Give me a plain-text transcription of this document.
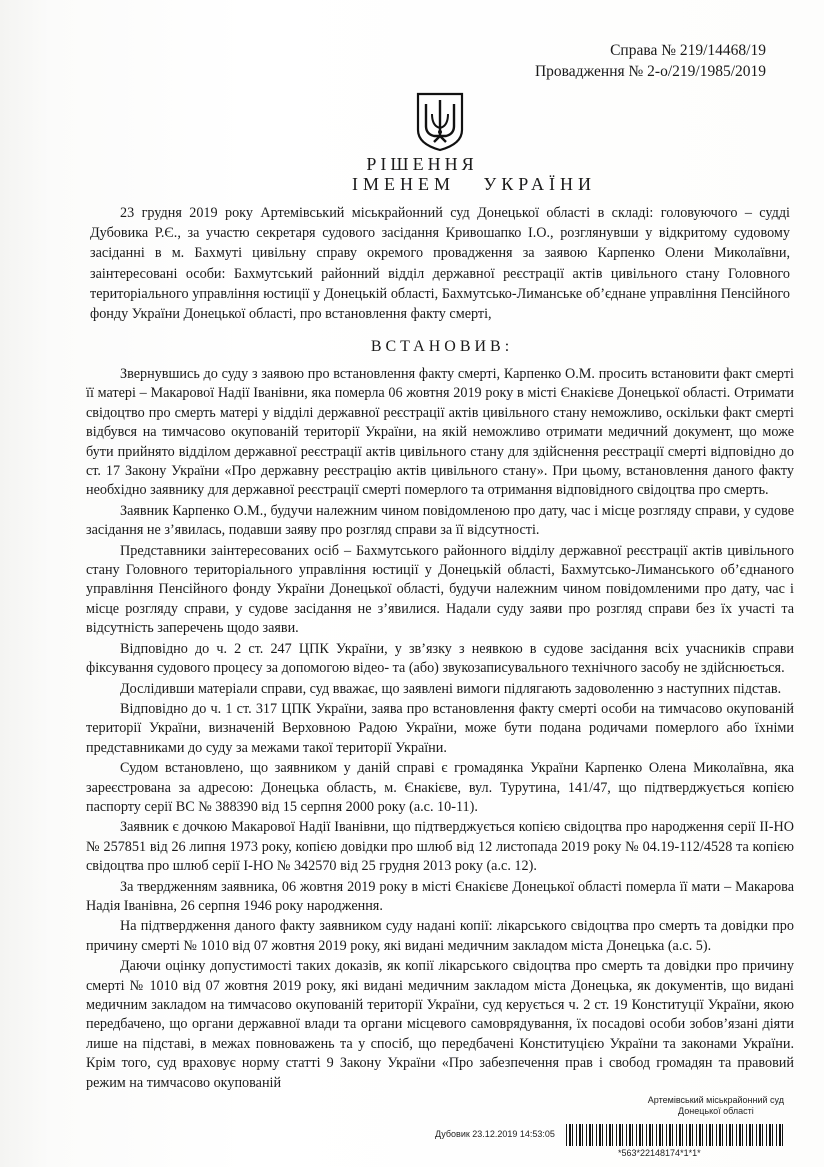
Справа № 219/14468/19
Провадження № 2-о/219/1985/2019
РІШЕННЯ
ІМЕНЕМ   УКРАЇНИ
23 грудня 2019 року Артемівський міськрайонний суд Донецької області в складі: головуючого – судді Дубовика Р.Є., за участю секретаря судового засідання Кривошапко І.О., розглянувши у відкритому судовому засіданні в м. Бахмуті цивільну справу окремого провадження за заявою Карпенко Олени Миколаївни, заінтересовані особи: Бахмутський районний відділ державної реєстрації актів цивільного стану Головного територіального управління юстиції у Донецькій області, Бахмутсько-Лиманське об’єднане управління Пенсійного фонду України Донецької області, про встановлення факту смерті,
ВСТАНОВИВ:

Звернувшись до суду з заявою про встановлення факту смерті, Карпенко О.М. просить встановити факт смерті її матері – Макарової Надії Іванівни, яка померла 06 жовтня 2019 року в місті Єнакієве Донецької області. Отримати свідоцтво про смерть матері у відділі державної реєстрації актів цивільного стану неможливо, оскільки факт смерті відбувся на тимчасово окупованій території України, на якій неможливо отримати медичний документ, що може бути прийнято відділом державної реєстрації актів цивільного стану для здійснення реєстрації смерті відповідно до ст. 17 Закону України «Про державну реєстрацію актів цивільного стану». При цьому, встановлення даного факту необхідно заявнику для державної реєстрації смерті померлого та отримання відповідного свідоцтва про смерть.

Заявник Карпенко О.М., будучи належним чином повідомленою про дату, час і місце розгляду справи, у судове засідання не з’явилась, подавши заяву про розгляд справи за її відсутності.

Представники заінтересованих осіб – Бахмутського районного відділу державної реєстрації актів цивільного стану Головного територіального управління юстиції у Донецькій області, Бахмутсько-Лиманського об’єднаного управління Пенсійного фонду України Донецької області, будучи належним чином повідомленими про дату, час і місце розгляду справи, у судове засідання не з’явилися. Надали суду заяви про розгляд справи без їх участі та відсутність заперечень щодо заяви.

Відповідно до ч. 2 ст. 247 ЦПК України, у зв’язку з неявкою в судове засідання всіх учасників справи фіксування судового процесу за допомогою відео- та (або) звукозаписувального технічного засобу не здійснюється.

Дослідивши матеріали справи, суд вважає, що заявлені вимоги підлягають задоволенню з наступних підстав.

Відповідно до ч. 1 ст. 317 ЦПК України, заява про встановлення факту смерті особи на тимчасово окупованій території України, визначеній Верховною Радою України, може бути подана родичами померлого або їхніми представниками до суду за межами такої території України.

Судом встановлено, що заявником у даній справі є громадянка України Карпенко Олена Миколаївна, яка зареєстрована за адресою: Донецька область, м. Єнакієве, вул. Турутина, 141/47, що підтверджується копією паспорту серії ВС № 388390 від 15 серпня 2000 року (а.с. 10-11).

Заявник є дочкою Макарової Надії Іванівни, що підтверджується копією свідоцтва про народження серії ІІ-НО № 257851 від 26 липня 1973 року, копією довідки про шлюб від 12 листопада 2019 року № 04.19-112/4528 та копією свідоцтва про шлюб серії І-НО № 342570 від 25 грудня 2013 року (а.с. 12).

За твердженням заявника, 06 жовтня 2019 року в місті Єнакієве Донецької області померла її мати – Макарова Надія Іванівна, 26 серпня 1946 року народження.

На підтвердження даного факту заявником суду надані копії: лікарського свідоцтва про смерть та довідки про причину смерті № 1010 від 07 жовтня 2019 року, які видані медичним закладом міста Донецька (а.с. 5).

Даючи оцінку допустимості таких доказів, як копії лікарського свідоцтва про смерть та довідки про причину смерті № 1010 від 07 жовтня 2019 року, які видані медичним закладом міста Донецька, як документів, що видані медичним закладом на тимчасово окупованій території України, суд керується ч. 2 ст. 19 Конституції України, якою передбачено, що органи державної влади та органи місцевого самоврядування, їх посадові особи зобов’язані діяти лише на підставі, в межах повноважень та у спосіб, що передбачені Конституцією України та законами України. Крім того, суд враховує норму статті 9 Закону України «Про забезпечення прав і свобод громадян та правовий режим на тимчасово окупованій

Артемівський міськрайонний суд
Донецької області
Дубовик 23.12.2019 14:53:05
*563*22148174*1*1*
